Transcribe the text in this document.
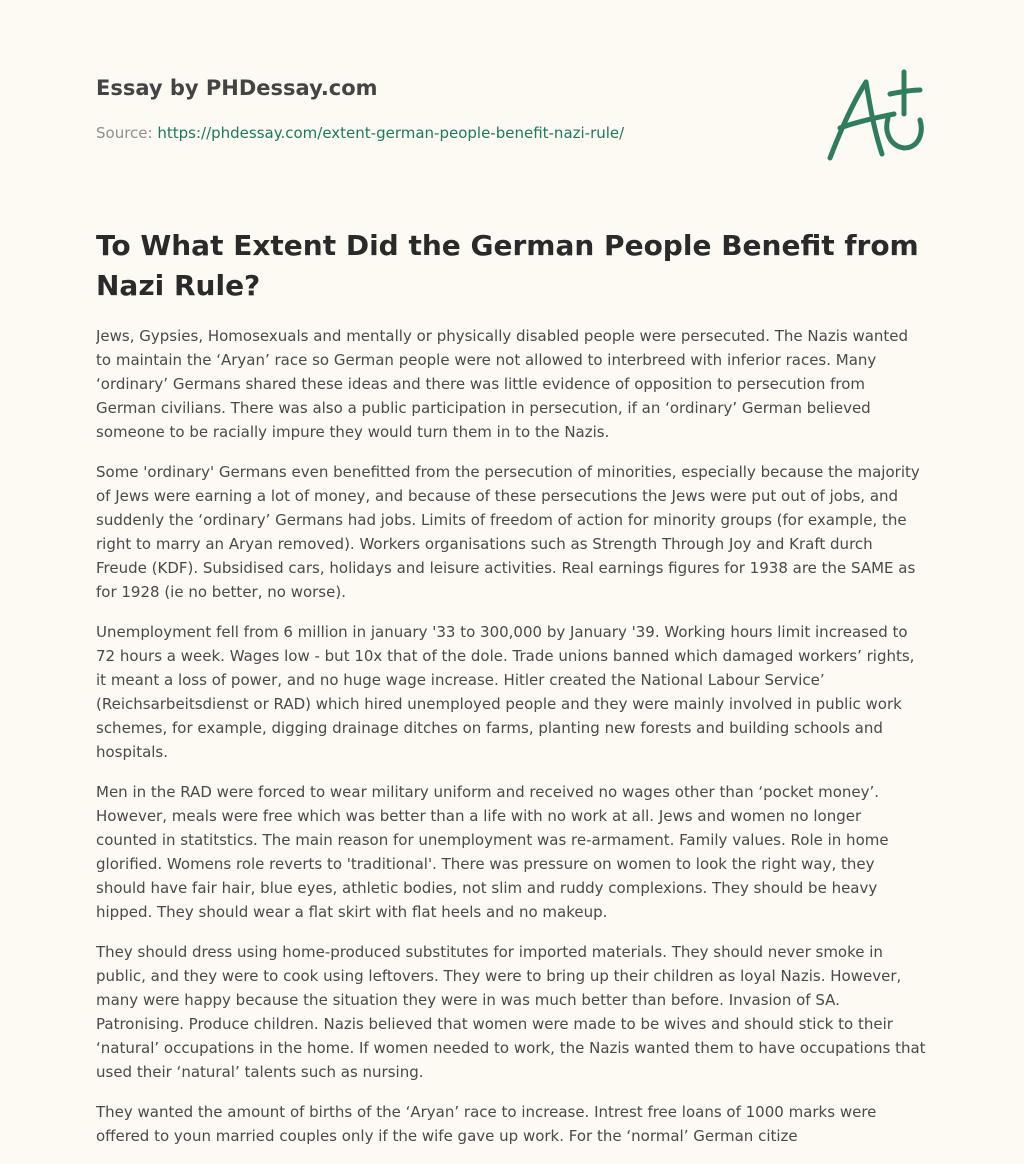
Essay by PHDessay.com
Source: https://phdessay.com/extent-german-people-benefit-nazi-rule/
To What Extent Did the German People Benefit from Nazi Rule?

Jews, Gypsies, Homosexuals and mentally or physically disabled people were persecuted. The Nazis wanted to maintain the ‘Aryan’ race so German people were not allowed to interbreed with inferior races. Many ‘ordinary’ Germans shared these ideas and there was little evidence of opposition to persecution from German civilians. There was also a public participation in persecution, if an ‘ordinary’ German believed someone to be racially impure they would turn them in to the Nazis.

Some 'ordinary' Germans even benefitted from the persecution of minorities, especially because the majority of Jews were earning a lot of money, and because of these persecutions the Jews were put out of jobs, and suddenly the ‘ordinary’ Germans had jobs. Limits of freedom of action for minority groups (for example, the right to marry an Aryan removed). Workers organisations such as Strength Through Joy and Kraft durch Freude (KDF). Subsidised cars, holidays and leisure activities. Real earnings figures for 1938 are the SAME as for 1928 (ie no better, no worse).

Unemployment fell from 6 million in january '33 to 300,000 by January '39. Working hours limit increased to 72 hours a week. Wages low - but 10x that of the dole. Trade unions banned which damaged workers’ rights, it meant a loss of power, and no huge wage increase. Hitler created the National Labour Service’ (Reichsarbeitsdienst or RAD) which hired unemployed people and they were mainly involved in public work schemes, for example, digging drainage ditches on farms, planting new forests and building schools and hospitals.

Men in the RAD were forced to wear military uniform and received no wages other than ‘pocket money’. However, meals were free which was better than a life with no work at all. Jews and women no longer counted in statitstics. The main reason for unemployment was re-armament. Family values. Role in home glorified. Womens role reverts to 'traditional'. There was pressure on women to look the right way, they should have fair hair, blue eyes, athletic bodies, not slim and ruddy complexions. They should be heavy hipped. They should wear a flat skirt with flat heels and no makeup.

They should dress using home-produced substitutes for imported materials. They should never smoke in public, and they were to cook using leftovers. They were to bring up their children as loyal Nazis. However, many were happy because the situation they were in was much better than before. Invasion of SA. Patronising. Produce children. Nazis believed that women were made to be wives and should stick to their ‘natural’ occupations in the home. If women needed to work, the Nazis wanted them to have occupations that used their ‘natural’ talents such as nursing.

They wanted the amount of births of the ‘Aryan’ race to increase. Intrest free loans of 1000 marks were offered to youn married couples only if the wife gave up work. For the ‘normal’ German citize
